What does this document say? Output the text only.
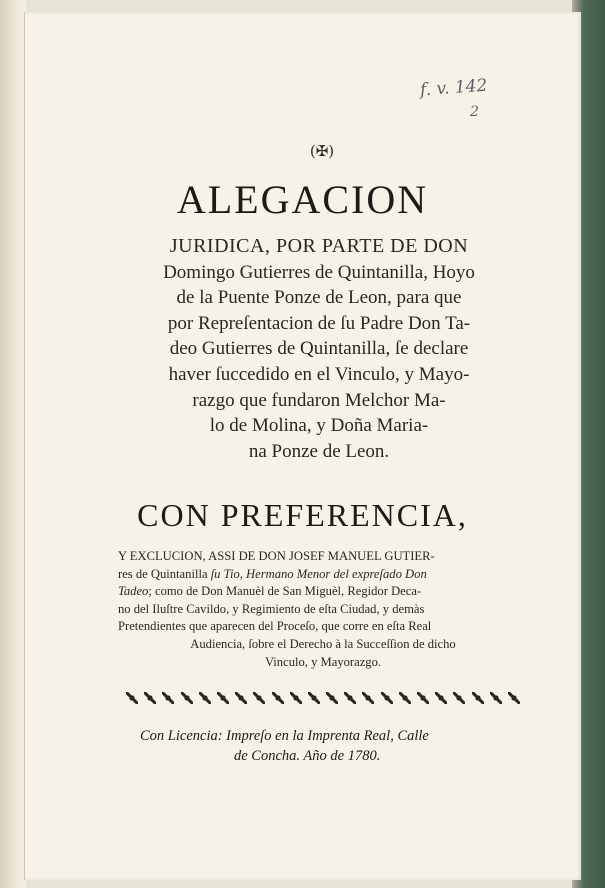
f. v. 142
2
(✠)
ALEGACION
JURIDICA, POR PARTE DE DON
Domingo Gutierres de Quintanilla, Hoyo
de la Puente Ponze de Leon, para que
por Repreſentacion de ſu Padre Don Ta-
deo Gutierres de Quintanilla, ſe declare
haver ſuccedido en el Vinculo, y Mayo-
razgo que fundaron Melchor Ma-
lo de Molina, y Doña Maria-
na Ponze de Leon.
CON PREFERENCIA,
Y EXCLUCION, ASSI DE DON JOSEF MANUEL GUTIER-
res de Quintanilla ſu Tio, Hermano Menor del expreſado Don
Tadeo; como de Don Manuèl de San Miguèl, Regidor Deca-
no del Iluſtre Cavildo, y Regimiento de eſta Ciudad, y demàs
Pretendientes que aparecen del Proceſo, que corre en eſta Real
Audiencia, ſobre el Derecho à la Succeſſion de dicho
Vinculo, y Mayorazgo.
Con Licencia: Impreſo en la Imprenta Real, Calle
de Concha. Año de 1780.
